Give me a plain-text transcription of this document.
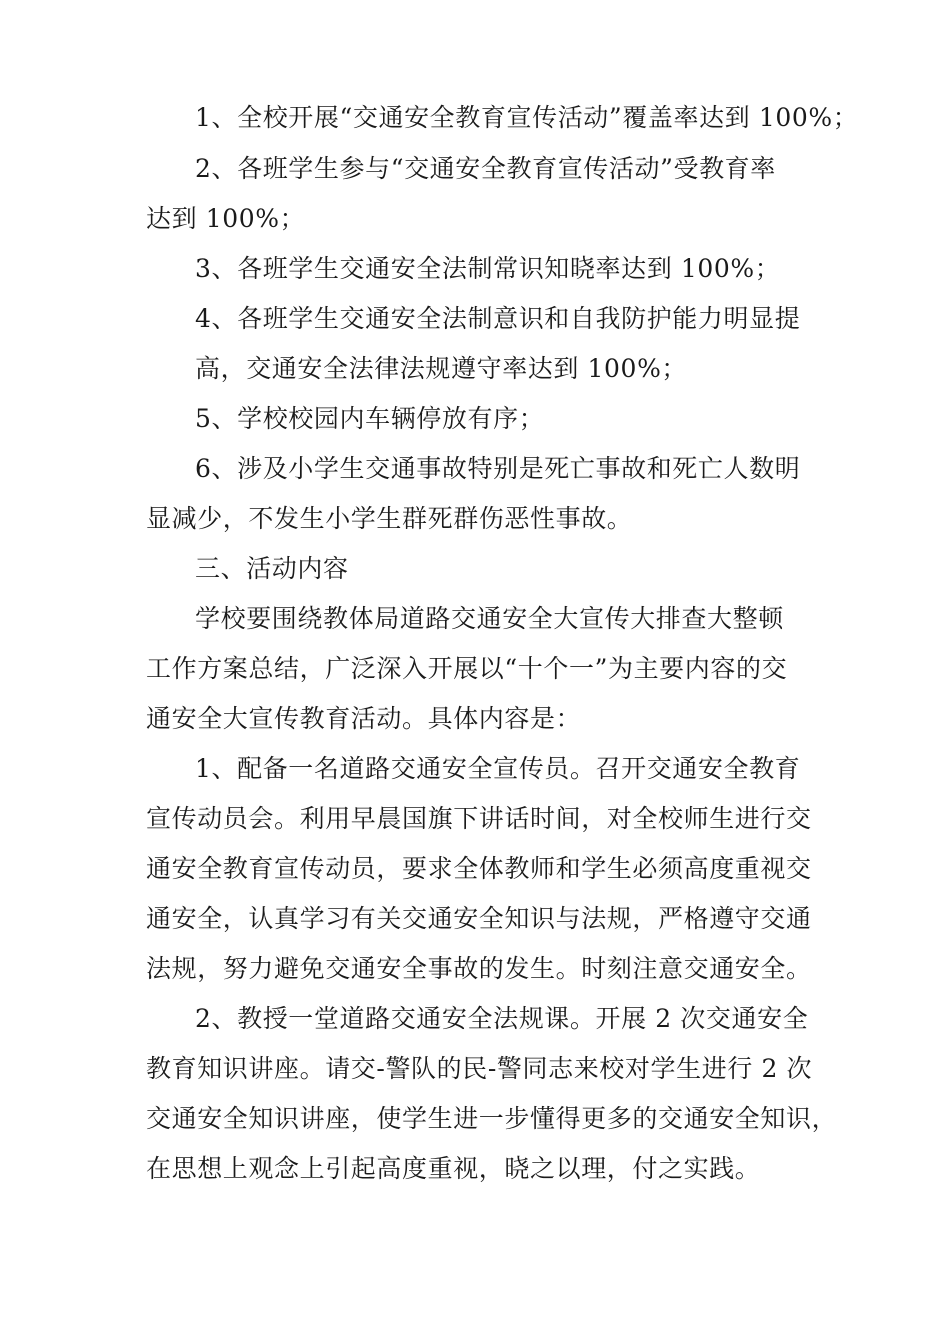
1、全校开展“交通安全教育宣传活动”覆盖率达到 100%；
2、各班学生参与“交通安全教育宣传活动”受教育率
达到 100%；
3、各班学生交通安全法制常识知晓率达到 100%；
4、各班学生交通安全法制意识和自我防护能力明显提
高，交通安全法律法规遵守率达到 100%；
5、学校校园内车辆停放有序；
6、涉及小学生交通事故特别是死亡事故和死亡人数明
显减少，不发生小学生群死群伤恶性事故。
三、活动内容
学校要围绕教体局道路交通安全大宣传大排查大整顿
工作方案总结，广泛深入开展以“十个一”为主要内容的交
通安全大宣传教育活动。具体内容是：
1、配备一名道路交通安全宣传员。召开交通安全教育
宣传动员会。利用早晨国旗下讲话时间，对全校师生进行交
通安全教育宣传动员，要求全体教师和学生必须高度重视交
通安全，认真学习有关交通安全知识与法规，严格遵守交通
法规，努力避免交通安全事故的发生。时刻注意交通安全。
2、教授一堂道路交通安全法规课。开展 2 次交通安全
教育知识讲座。请交-警队的民-警同志来校对学生进行 2 次
交通安全知识讲座，使学生进一步懂得更多的交通安全知识，
在思想上观念上引起高度重视，晓之以理，付之实践。
